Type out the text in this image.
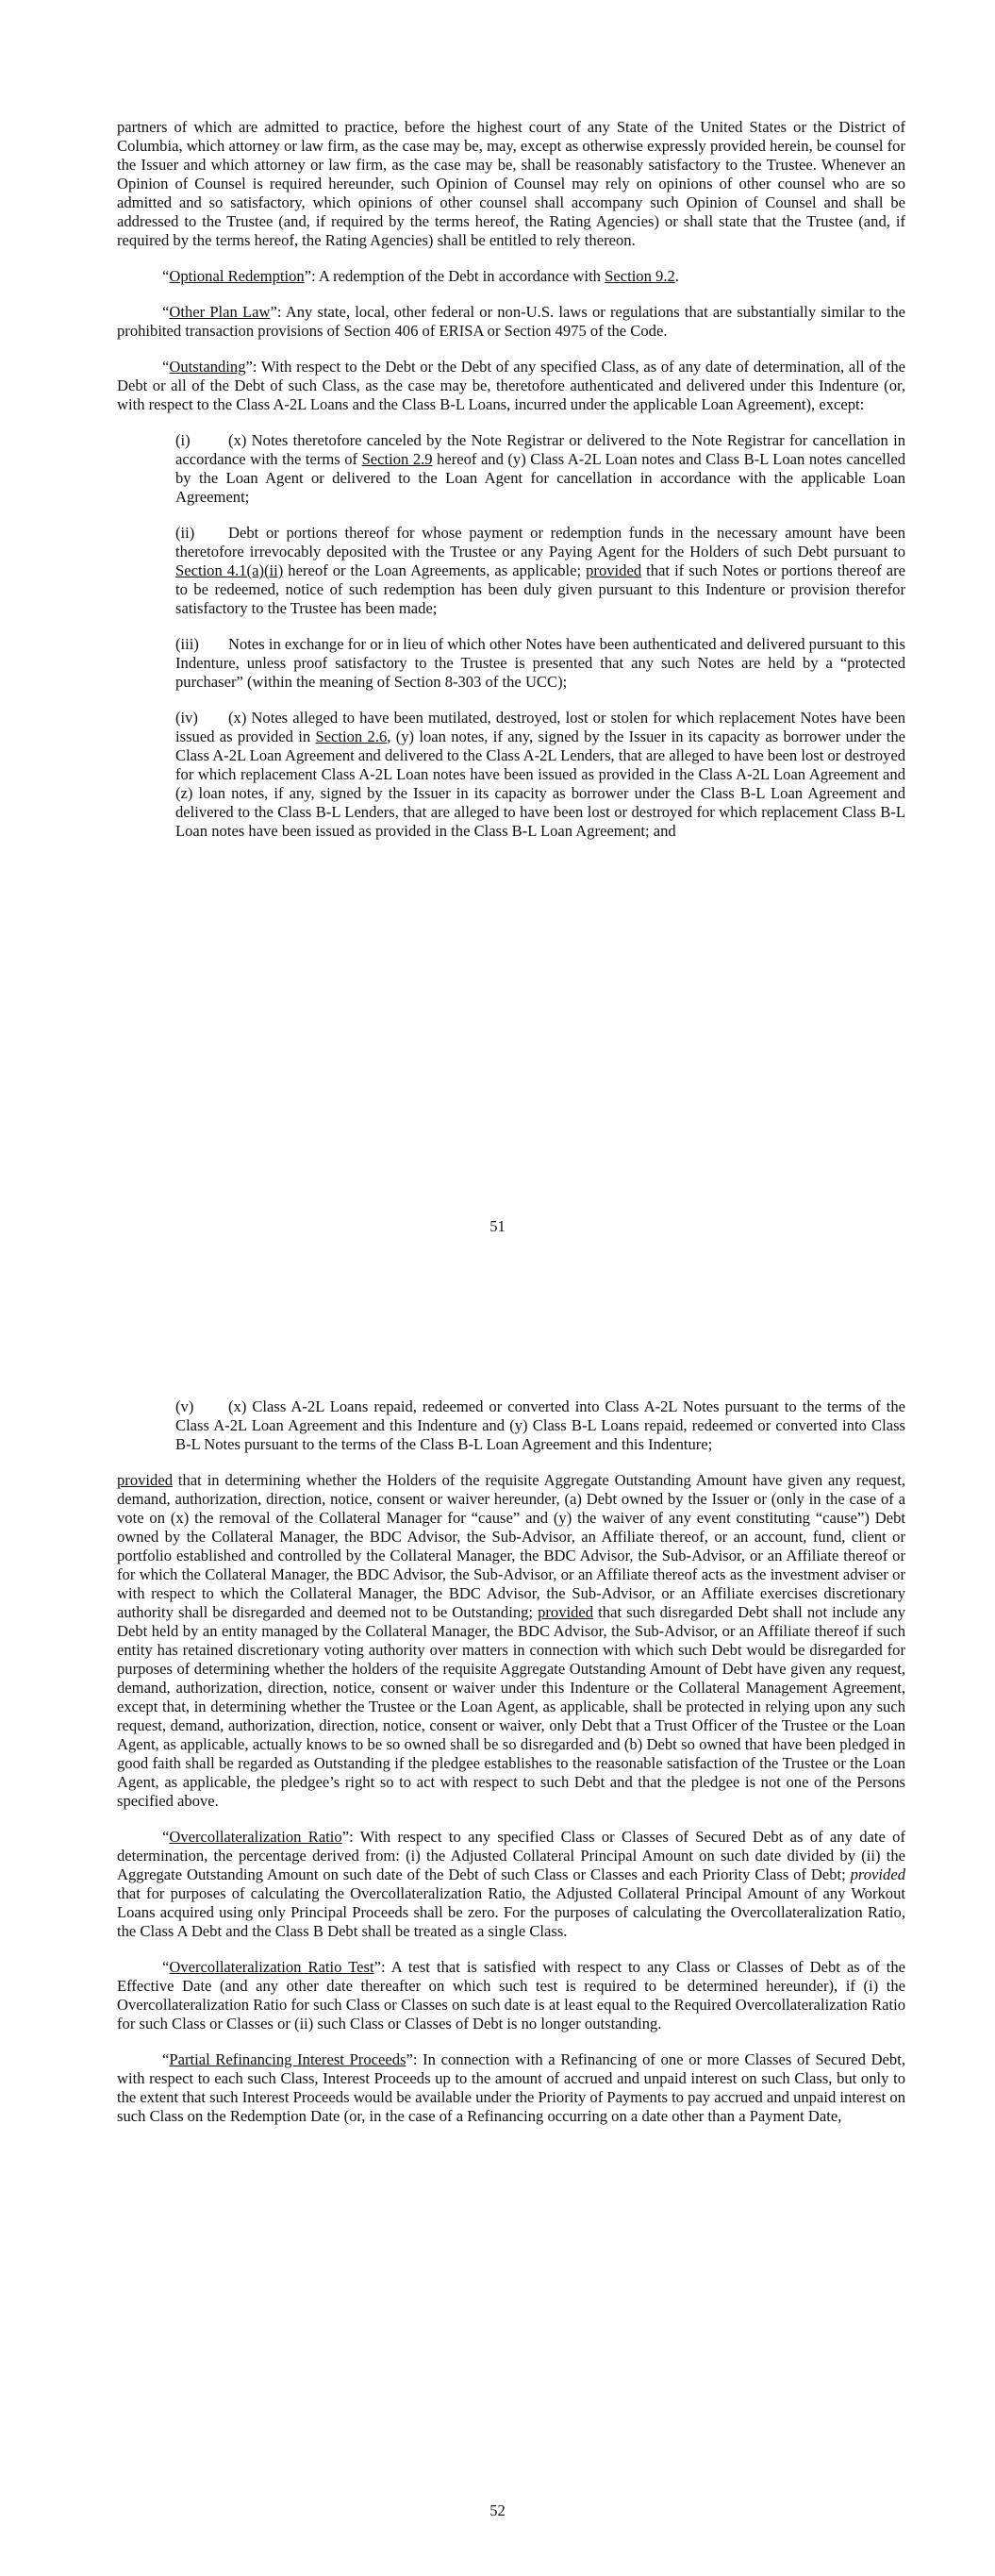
partners of which are admitted to practice, before the highest court of any State of the United States or the District of Columbia, which attorney or law firm, as the case may be, may, except as otherwise expressly provided herein, be counsel for the Issuer and which attorney or law firm, as the case may be, shall be reasonably satisfactory to the Trustee. Whenever an Opinion of Counsel is required hereunder, such Opinion of Counsel may rely on opinions of other counsel who are so admitted and so satisfactory, which opinions of other counsel shall accompany such Opinion of Counsel and shall be addressed to the Trustee (and, if required by the terms hereof, the Rating Agencies) or shall state that the Trustee (and, if required by the terms hereof, the Rating Agencies) shall be entitled to rely thereon.

“Optional Redemption”: A redemption of the Debt in accordance with Section 9.2.

“Other Plan Law”: Any state, local, other federal or non-U.S. laws or regulations that are substantially similar to the prohibited transaction provisions of Section 406 of ERISA or Section 4975 of the Code.

“Outstanding”: With respect to the Debt or the Debt of any specified Class, as of any date of determination, all of the Debt or all of the Debt of such Class, as the case may be, theretofore authenticated and delivered under this Indenture (or, with respect to the Class A-2L Loans and the Class B-L Loans, incurred under the applicable Loan Agreement), except:

(i) (x) Notes theretofore canceled by the Note Registrar or delivered to the Note Registrar for cancellation in accordance with the terms of Section 2.9 hereof and (y) Class A-2L Loan notes and Class B-L Loan notes cancelled by the Loan Agent or delivered to the Loan Agent for cancellation in accordance with the applicable Loan Agreement;

(ii) Debt or portions thereof for whose payment or redemption funds in the necessary amount have been theretofore irrevocably deposited with the Trustee or any Paying Agent for the Holders of such Debt pursuant to Section 4.1(a)(ii) hereof or the Loan Agreements, as applicable; provided that if such Notes or portions thereof are to be redeemed, notice of such redemption has been duly given pursuant to this Indenture or provision therefor satisfactory to the Trustee has been made;

(iii) Notes in exchange for or in lieu of which other Notes have been authenticated and delivered pursuant to this Indenture, unless proof satisfactory to the Trustee is presented that any such Notes are held by a “protected purchaser” (within the meaning of Section 8-303 of the UCC);

(iv) (x) Notes alleged to have been mutilated, destroyed, lost or stolen for which replacement Notes have been issued as provided in Section 2.6, (y) loan notes, if any, signed by the Issuer in its capacity as borrower under the Class A-2L Loan Agreement and delivered to the Class A-2L Lenders, that are alleged to have been lost or destroyed for which replacement Class A-2L Loan notes have been issued as provided in the Class A-2L Loan Agreement and (z) loan notes, if any, signed by the Issuer in its capacity as borrower under the Class B-L Loan Agreement and delivered to the Class B-L Lenders, that are alleged to have been lost or destroyed for which replacement Class B-L Loan notes have been issued as provided in the Class B-L Loan Agreement; and

51

(v) (x) Class A-2L Loans repaid, redeemed or converted into Class A-2L Notes pursuant to the terms of the Class A-2L Loan Agreement and this Indenture and (y) Class B-L Loans repaid, redeemed or converted into Class B-L Notes pursuant to the terms of the Class B-L Loan Agreement and this Indenture;

provided that in determining whether the Holders of the requisite Aggregate Outstanding Amount have given any request, demand, authorization, direction, notice, consent or waiver hereunder, (a) Debt owned by the Issuer or (only in the case of a vote on (x) the removal of the Collateral Manager for “cause” and (y) the waiver of any event constituting “cause”) Debt owned by the Collateral Manager, the BDC Advisor, the Sub-Advisor, an Affiliate thereof, or an account, fund, client or portfolio established and controlled by the Collateral Manager, the BDC Advisor, the Sub-Advisor, or an Affiliate thereof or for which the Collateral Manager, the BDC Advisor, the Sub-Advisor, or an Affiliate thereof acts as the investment adviser or with respect to which the Collateral Manager, the BDC Advisor, the Sub-Advisor, or an Affiliate exercises discretionary authority shall be disregarded and deemed not to be Outstanding; provided that such disregarded Debt shall not include any Debt held by an entity managed by the Collateral Manager, the BDC Advisor, the Sub-Advisor, or an Affiliate thereof if such entity has retained discretionary voting authority over matters in connection with which such Debt would be disregarded for purposes of determining whether the holders of the requisite Aggregate Outstanding Amount of Debt have given any request, demand, authorization, direction, notice, consent or waiver under this Indenture or the Collateral Management Agreement, except that, in determining whether the Trustee or the Loan Agent, as applicable, shall be protected in relying upon any such request, demand, authorization, direction, notice, consent or waiver, only Debt that a Trust Officer of the Trustee or the Loan Agent, as applicable, actually knows to be so owned shall be so disregarded and (b) Debt so owned that have been pledged in good faith shall be regarded as Outstanding if the pledgee establishes to the reasonable satisfaction of the Trustee or the Loan Agent, as applicable, the pledgee’s right so to act with respect to such Debt and that the pledgee is not one of the Persons specified above.

“Overcollateralization Ratio”: With respect to any specified Class or Classes of Secured Debt as of any date of determination, the percentage derived from: (i) the Adjusted Collateral Principal Amount on such date divided by (ii) the Aggregate Outstanding Amount on such date of the Debt of such Class or Classes and each Priority Class of Debt; provided that for purposes of calculating the Overcollateralization Ratio, the Adjusted Collateral Principal Amount of any Workout Loans acquired using only Principal Proceeds shall be zero. For the purposes of calculating the Overcollateralization Ratio, the Class A Debt and the Class B Debt shall be treated as a single Class.

“Overcollateralization Ratio Test”: A test that is satisfied with respect to any Class or Classes of Debt as of the Effective Date (and any other date thereafter on which such test is required to be determined hereunder), if (i) the Overcollateralization Ratio for such Class or Classes on such date is at least equal to the Required Overcollateralization Ratio for such Class or Classes or (ii) such Class or Classes of Debt is no longer outstanding.

“Partial Refinancing Interest Proceeds”: In connection with a Refinancing of one or more Classes of Secured Debt, with respect to each such Class, Interest Proceeds up to the amount of accrued and unpaid interest on such Class, but only to the extent that such Interest Proceeds would be available under the Priority of Payments to pay accrued and unpaid interest on such Class on the Redemption Date (or, in the case of a Refinancing occurring on a date other than a Payment Date,

52
